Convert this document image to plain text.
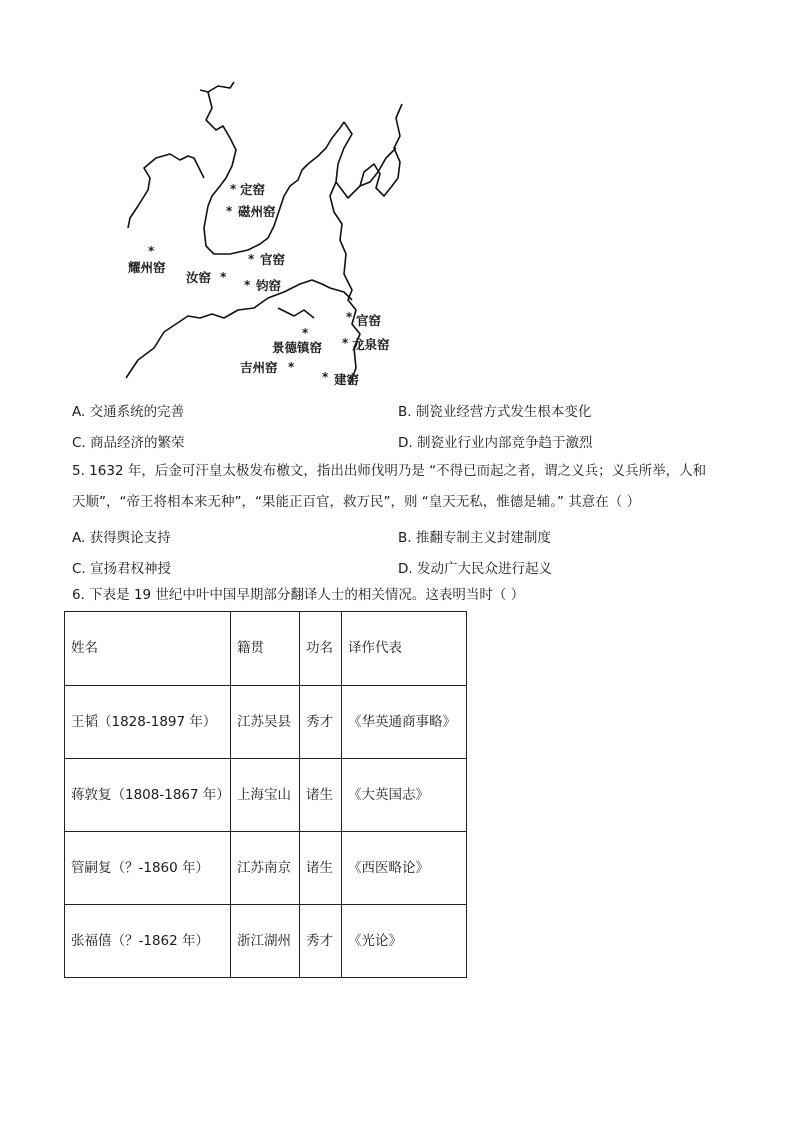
* 定窑
* 磁州窑
*
耀州窑
* 官窑
*
汝窑	* 钧窑
* 官窑
*
景德镇窑 * 龙泉窑
*
吉州窑
* 建窑
A. 交通系统的完善	B. 制瓷业经营方式发生根本变化
C. 商品经济的繁荣	D. 制瓷业行业内部竞争趋于激烈
5. 1632 年，后金可汗皇太极发布檄文，指出出师伐明乃是 “不得已而起之者，谓之义兵；义兵所举，人和
天顺”，“帝王将相本来无种”，“果能正百官，救万民”，则 “皇天无私，惟德是辅。” 其意在（ ）
A. 获得舆论支持	B. 推翻专制主义封建制度
C. 宣扬君权神授	D. 发动广大民众进行起义
6. 下表是 19 世纪中叶中国早期部分翻译人士的相关情况。这表明当时（ ）
姓名	籍贯	功名	译作代表
王韬（1828-1897 年）	江苏吴县	秀才	《华英通商事略》
蒋敦复（1808-1867 年）	上海宝山	诸生	《大英国志》
管嗣复（？-1860 年）	江苏南京	诸生	《西医略论》
张福僖（？-1862 年）	浙江湖州	秀才	《光论》
